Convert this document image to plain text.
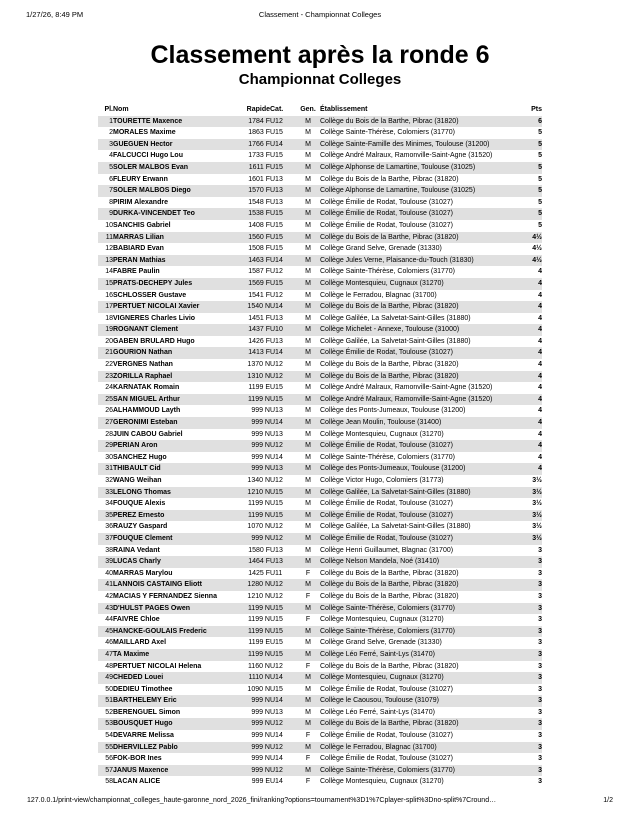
1/27/26, 8:49 PM	Classement - Championnat Colleges
Classement après la ronde 6
Championnat Colleges
Pl.	Nom	Rapide	Cat.	Gen.	Établissement	Pts
1	TOURETTE Maxence	1784 F	U12	M	Collège du Bois de la Barthe, Pibrac (31820)	6
2	MORALES Maxime	1863 F	U15	M	Collège Sainte-Thérèse, Colomiers (31770)	5
3	GUEGUEN Hector	1766 F	U14	M	Collège Sainte-Famille des Minimes, Toulouse (31200)	5
4	FALCUCCI Hugo Lou	1733 F	U15	M	Collège André Malraux, Ramonville-Saint-Agne (31520)	5
5	SOLER MALBOS Evan	1611 F	U15	M	Collège Alphonse de Lamartine, Toulouse (31025)	5
6	FLEURY Erwann	1601 F	U13	M	Collège du Bois de la Barthe, Pibrac (31820)	5
7	SOLER MALBOS Diego	1570 F	U13	M	Collège Alphonse de Lamartine, Toulouse (31025)	5
8	PIRIM Alexandre	1548 F	U13	M	Collège Émilie de Rodat, Toulouse (31027)	5
9	DURKA-VINCENDET Teo	1538 F	U15	M	Collège Émilie de Rodat, Toulouse (31027)	5
10	SANCHIS Gabriel	1408 F	U15	M	Collège Émilie de Rodat, Toulouse (31027)	5
11	MARRAS Lilian	1560 F	U15	M	Collège du Bois de la Barthe, Pibrac (31820)	4½
12	BABIARD Evan	1508 F	U15	M	Collège Grand Selve, Grenade (31330)	4½
13	PERAN Mathias	1463 F	U14	M	Collège Jules Verne, Plaisance-du-Touch (31830)	4½
14	FABRE Paulin	1587 F	U12	M	Collège Sainte-Thérèse, Colomiers (31770)	4
15	PRATS-DECHEPY Jules	1569 F	U15	M	Collège Montesquieu, Cugnaux (31270)	4
16	SCHLOSSER Gustave	1541 F	U12	M	Collège le Ferradou, Blagnac (31700)	4
17	PERTUET NICOLAI Xavier	1540 N	U14	M	Collège du Bois de la Barthe, Pibrac (31820)	4
18	VIGNERES Charles Livio	1451 F	U13	M	Collège Galilée, La Salvetat-Saint-Gilles (31880)	4
19	ROGNANT Clement	1437 F	U10	M	Collège Michelet - Annexe, Toulouse (31000)	4
20	GABEN BRULARD Hugo	1426 F	U13	M	Collège Galilée, La Salvetat-Saint-Gilles (31880)	4
21	GOURION Nathan	1413 F	U14	M	Collège Émilie de Rodat, Toulouse (31027)	4
22	VERGNES Nathan	1370 N	U12	M	Collège du Bois de la Barthe, Pibrac (31820)	4
23	ZORILLA Raphael	1310 N	U12	M	Collège du Bois de la Barthe, Pibrac (31820)	4
24	KARNATAK Romain	1199 E	U15	M	Collège André Malraux, Ramonville-Saint-Agne (31520)	4
25	SAN MIGUEL Arthur	1199 N	U15	M	Collège André Malraux, Ramonville-Saint-Agne (31520)	4
26	ALHAMMOUD Layth	999 N	U13	M	Collège des Ponts-Jumeaux, Toulouse (31200)	4
27	GERONIMI Esteban	999 N	U14	M	Collège Jean Moulin, Toulouse (31400)	4
28	JUIN CABOU Gabriel	999 N	U13	M	Collège Montesquieu, Cugnaux (31270)	4
29	PERIAN Aron	999 N	U12	M	Collège Émilie de Rodat, Toulouse (31027)	4
30	SANCHEZ Hugo	999 N	U14	M	Collège Sainte-Thérèse, Colomiers (31770)	4
31	THIBAULT Cid	999 N	U13	M	Collège des Ponts-Jumeaux, Toulouse (31200)	4
32	WANG Weihan	1340 N	U12	M	Collège Victor Hugo, Colomiers (31773)	3½
33	LELONG Thomas	1210 N	U15	M	Collège Galilée, La Salvetat-Saint-Gilles (31880)	3½
34	FOUQUE Alexis	1199 N	U15	M	Collège Émilie de Rodat, Toulouse (31027)	3½
35	PEREZ Ernesto	1199 N	U15	M	Collège Émilie de Rodat, Toulouse (31027)	3½
36	RAUZY Gaspard	1070 N	U12	M	Collège Galilée, La Salvetat-Saint-Gilles (31880)	3½
37	FOUQUE Clement	999 N	U12	M	Collège Émilie de Rodat, Toulouse (31027)	3½
38	RAINA Vedant	1580 F	U13	M	Collège Henri Guillaumet, Blagnac (31700)	3
39	LUCAS Charly	1464 F	U13	M	Collège Nelson Mandela, Noé (31410)	3
40	MARRAS Marylou	1425 F	U11	F	Collège du Bois de la Barthe, Pibrac (31820)	3
41	LANNOIS CASTAING Eliott	1280 N	U12	M	Collège du Bois de la Barthe, Pibrac (31820)	3
42	MACIAS Y FERNANDEZ Sienna	1210 N	U12	F	Collège du Bois de la Barthe, Pibrac (31820)	3
43	D'HULST PAGES Owen	1199 N	U15	M	Collège Sainte-Thérèse, Colomiers (31770)	3
44	FAIVRE Chloe	1199 N	U15	F	Collège Montesquieu, Cugnaux (31270)	3
45	HANCKE-GOULAIS Frederic	1199 N	U15	M	Collège Sainte-Thérèse, Colomiers (31770)	3
46	MAILLARD Axel	1199 E	U15	M	Collège Grand Selve, Grenade (31330)	3
47	TA Maxime	1199 N	U15	M	Collège Léo Ferré, Saint-Lys (31470)	3
48	PERTUET NICOLAI Helena	1160 N	U12	F	Collège du Bois de la Barthe, Pibrac (31820)	3
49	CHEDED Louei	1110 N	U14	M	Collège Montesquieu, Cugnaux (31270)	3
50	DEDIEU Timothee	1090 N	U15	M	Collège Émilie de Rodat, Toulouse (31027)	3
51	BARTHELEMY Eric	999 N	U14	M	Collège le Caousou, Toulouse (31079)	3
52	BERENGUEL Simon	999 N	U13	M	Collège Léo Ferré, Saint-Lys (31470)	3
53	BOUSQUET Hugo	999 N	U12	M	Collège du Bois de la Barthe, Pibrac (31820)	3
54	DEVARRE Melissa	999 N	U14	F	Collège Émilie de Rodat, Toulouse (31027)	3
55	DHERVILLEZ Pablo	999 N	U12	M	Collège le Ferradou, Blagnac (31700)	3
56	FOK-BOR Ines	999 N	U14	F	Collège Émilie de Rodat, Toulouse (31027)	3
57	JANUS Maxence	999 N	U12	M	Collège Sainte-Thérèse, Colomiers (31770)	3
58	LACAN ALICE	999 E	U14	F	Collège Montesquieu, Cugnaux (31270)	3
127.0.0.1/print-view/championnat_colleges_haute-garonne_nord_2026_fini/ranking?options=tournament%3D1%7Cplayer-split%3Dno-split%7Cround…	1/2
